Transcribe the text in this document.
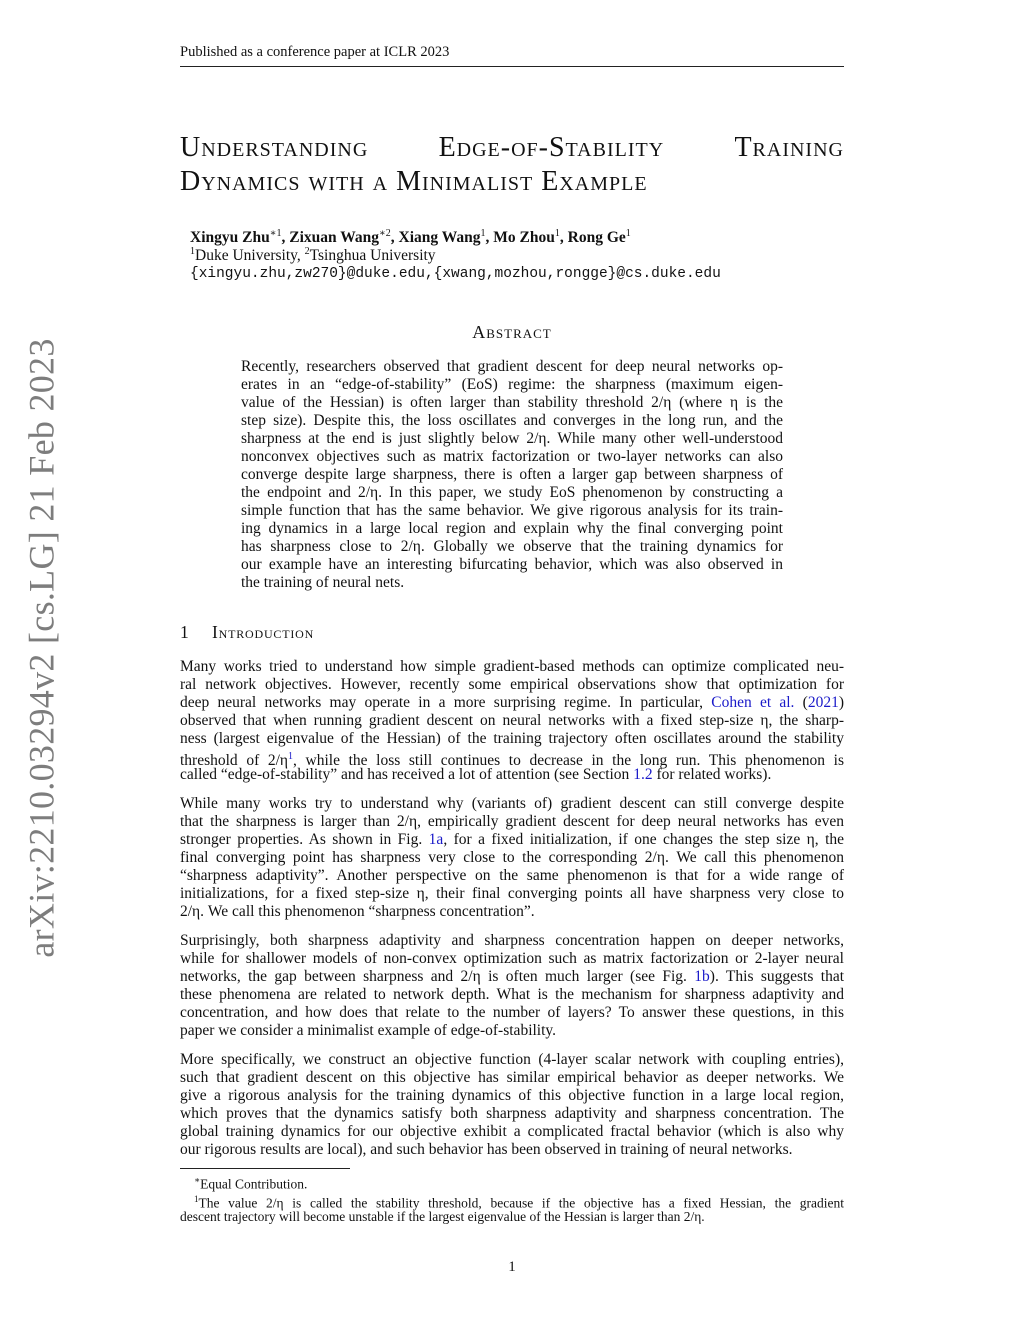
Published as a conference paper at ICLR 2023
arXiv:2210.03294v2 [cs.LG] 21 Feb 2023
Understanding	Edge-of-Stability	Training
Dynamics with a Minimalist Example
Xingyu Zhu$^{∗1}$, Zixuan Wang$^{∗2}$, Xiang Wang$^1$, Mo Zhou$^1$, Rong Ge$^1$
$^1$Duke University, $^2$Tsinghua University
{xingyu.zhu,zw270}@duke.edu,{xwang,mozhou,rongge}@cs.duke.edu
Abstract
Recently, researchers observed that gradient descent for deep neural networks op-
erates in an “edge-of-stability” (EoS) regime: the sharpness (maximum eigen-
value of the Hessian) is often larger than stability threshold 2/η (where η is the
step size). Despite this, the loss oscillates and converges in the long run, and the
sharpness at the end is just slightly below 2/η. While many other well-understood
nonconvex objectives such as matrix factorization or two-layer networks can also
converge despite large sharpness, there is often a larger gap between sharpness of
the endpoint and 2/η. In this paper, we study EoS phenomenon by constructing a
simple function that has the same behavior. We give rigorous analysis for its train-
ing dynamics in a large local region and explain why the final converging point
has sharpness close to 2/η. Globally we observe that the training dynamics for
our example have an interesting bifurcating behavior, which was also observed in
the training of neural nets.
1 Introduction
Many works tried to understand how simple gradient-based methods can optimize complicated neu-
ral network objectives. However, recently some empirical observations show that optimization for
deep neural networks may operate in a more surprising regime. In particular, Cohen et al. (2021)
observed that when running gradient descent on neural networks with a fixed step-size η, the sharp-
ness (largest eigenvalue of the Hessian) of the training trajectory often oscillates around the stability
threshold of $2/\eta^1$, while the loss still continues to decrease in the long run. This phenomenon is
called “edge-of-stability” and has received a lot of attention (see Section 1.2 for related works).
While many works try to understand why (variants of) gradient descent can still converge despite
that the sharpness is larger than 2/η, empirically gradient descent for deep neural networks has even
stronger properties. As shown in Fig. 1a, for a fixed initialization, if one changes the step size η, the
final converging point has sharpness very close to the corresponding 2/η. We call this phenomenon
“sharpness adaptivity”. Another perspective on the same phenomenon is that for a wide range of
initializations, for a fixed step-size η, their final converging points all have sharpness very close to
2/η. We call this phenomenon “sharpness concentration”.
Surprisingly, both sharpness adaptivity and sharpness concentration happen on deeper networks,
while for shallower models of non-convex optimization such as matrix factorization or 2-layer neural
networks, the gap between sharpness and 2/η is often much larger (see Fig. 1b). This suggests that
these phenomena are related to network depth. What is the mechanism for sharpness adaptivity and
concentration, and how does that relate to the number of layers? To answer these questions, in this
paper we consider a minimalist example of edge-of-stability.
More specifically, we construct an objective function (4-layer scalar network with coupling entries),
such that gradient descent on this objective has similar empirical behavior as deeper networks. We
give a rigorous analysis for the training dynamics of this objective function in a large local region,
which proves that the dynamics satisfy both sharpness adaptivity and sharpness concentration. The
global training dynamics for our objective exhibit a complicated fractal behavior (which is also why
our rigorous results are local), and such behavior has been observed in training of neural networks.
∗Equal Contribution.
$^1$The value 2/η is called the stability threshold, because if the objective has a fixed Hessian, the gradient
descent trajectory will become unstable if the largest eigenvalue of the Hessian is larger than 2/η.
1
